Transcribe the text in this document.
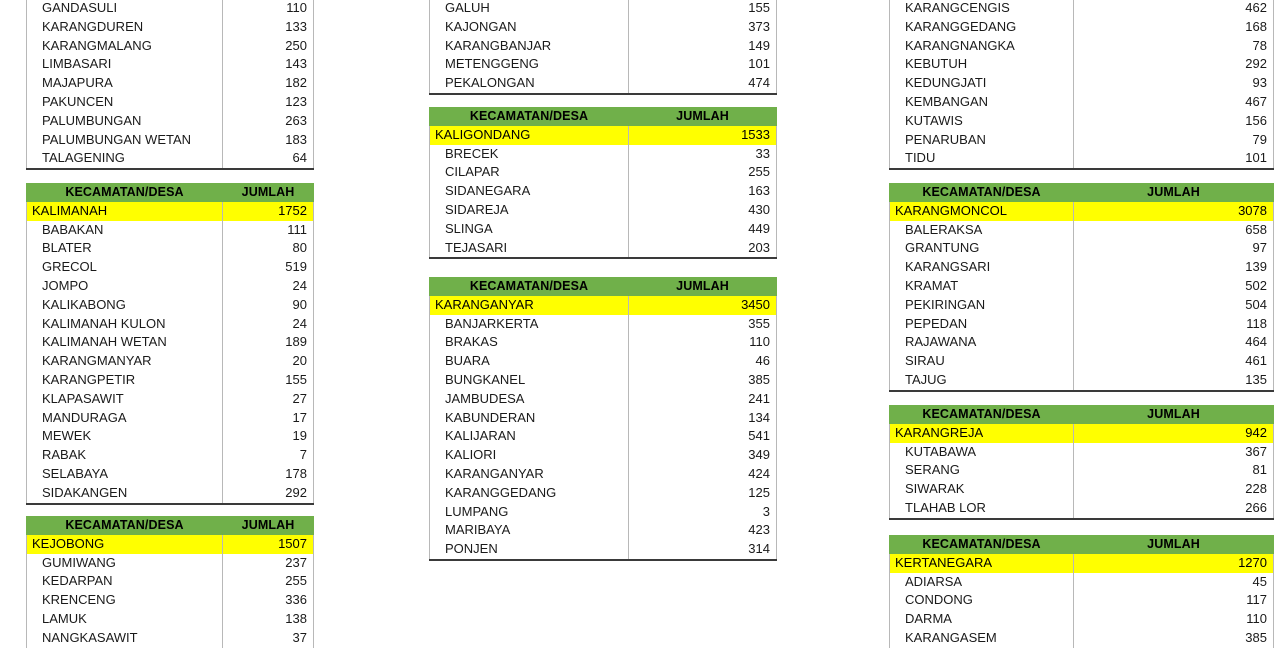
GANDASULI	110
KARANGDUREN	133
KARANGMALANG	250
LIMBASARI	143
MAJAPURA	182
PAKUNCEN	123
PALUMBUNGAN	263
PALUMBUNGAN WETAN	183
TALAGENING	64
KECAMATAN/DESA	JUMLAH
KALIMANAH	1752
BABAKAN	111
BLATER	80
GRECOL	519
JOMPO	24
KALIKABONG	90
KALIMANAH KULON	24
KALIMANAH WETAN	189
KARANGMANYAR	20
KARANGPETIR	155
KLAPASAWIT	27
MANDURAGA	17
MEWEK	19
RABAK	7
SELABAYA	178
SIDAKANGEN	292
KECAMATAN/DESA	JUMLAH
KEJOBONG	1507
GUMIWANG	237
KEDARPAN	255
KRENCENG	336
LAMUK	138
NANGKASAWIT	37
GALUH	155
KAJONGAN	373
KARANGBANJAR	149
METENGGENG	101
PEKALONGAN	474
KECAMATAN/DESA	JUMLAH
KALIGONDANG	1533
BRECEK	33
CILAPAR	255
SIDANEGARA	163
SIDAREJA	430
SLINGA	449
TEJASARI	203
KECAMATAN/DESA	JUMLAH
KARANGANYAR	3450
BANJARKERTA	355
BRAKAS	110
BUARA	46
BUNGKANEL	385
JAMBUDESA	241
KABUNDERAN	134
KALIJARAN	541
KALIORI	349
KARANGANYAR	424
KARANGGEDANG	125
LUMPANG	3
MARIBAYA	423
PONJEN	314
KARANGCENGIS	462
KARANGGEDANG	168
KARANGNANGKA	78
KEBUTUH	292
KEDUNGJATI	93
KEMBANGAN	467
KUTAWIS	156
PENARUBAN	79
TIDU	101
KECAMATAN/DESA	JUMLAH
KARANGMONCOL	3078
BALERAKSA	658
GRANTUNG	97
KARANGSARI	139
KRAMAT	502
PEKIRINGAN	504
PEPEDAN	118
RAJAWANA	464
SIRAU	461
TAJUG	135
KECAMATAN/DESA	JUMLAH
KARANGREJA	942
KUTABAWA	367
SERANG	81
SIWARAK	228
TLAHAB LOR	266
KECAMATAN/DESA	JUMLAH
KERTANEGARA	1270
ADIARSA	45
CONDONG	117
DARMA	110
KARANGASEM	385
